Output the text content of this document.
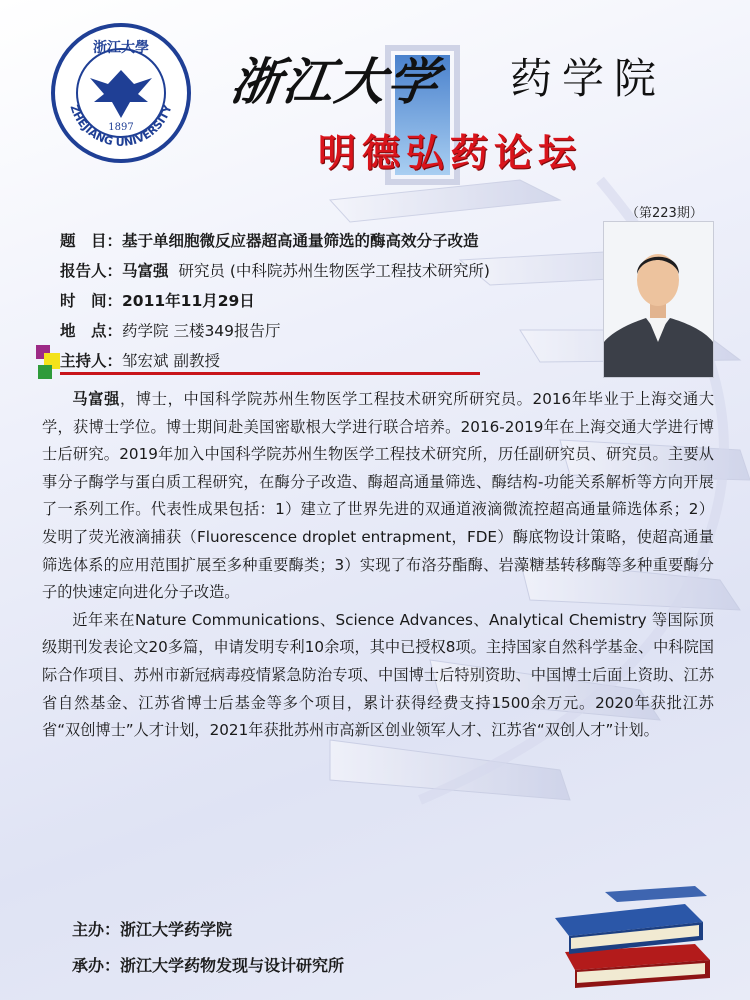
浙江大學
1897
ZHEJIANG UNIVERSITY 浙江大学 药学院
明德弘药论坛
（第223期）
题　目：基于单细胞微反应器超高通量筛选的酶高效分子改造
报告人：马富强 研究员 (中科院苏州生物医学工程技术研究所)
时　间：2011年11月29日
地　点：药学院 三楼349报告厅
主持人：邹宏斌 副教授

马富强，博士，中国科学院苏州生物医学工程技术研究所研究员。2016年毕业于上海交通大学，获博士学位。博士期间赴美国密歇根大学进行联合培养。2016-2019年在上海交通大学进行博士后研究。2019年加入中国科学院苏州生物医学工程技术研究所，历任副研究员、研究员。主要从事分子酶学与蛋白质工程研究，在酶分子改造、酶超高通量筛选、酶结构-功能关系解析等方向开展了一系列工作。代表性成果包括：1）建立了世界先进的双通道液滴微流控超高通量筛选体系；2）发明了荧光液滴捕获（Fluorescence droplet entrapment，FDE）酶底物设计策略，使超高通量筛选体系的应用范围扩展至多种重要酶类；3）实现了布洛芬酯酶、岩藻糖基转移酶等多种重要酶分子的快速定向进化分子改造。

近年来在Nature Communications、Science Advances、Analytical Chemistry 等国际顶级期刊发表论文20多篇，申请发明专利10余项，其中已授权8项。主持国家自然科学基金、中科院国际合作项目、苏州市新冠病毒疫情紧急防治专项、中国博士后特别资助、中国博士后面上资助、江苏省自然基金、江苏省博士后基金等多个项目，累计获得经费支持1500余万元。2020年获批江苏省“双创博士”人才计划，2021年获批苏州市高新区创业领军人才、江苏省“双创人才”计划。

主办：浙江大学药学院
承办：浙江大学药物发现与设计研究所
